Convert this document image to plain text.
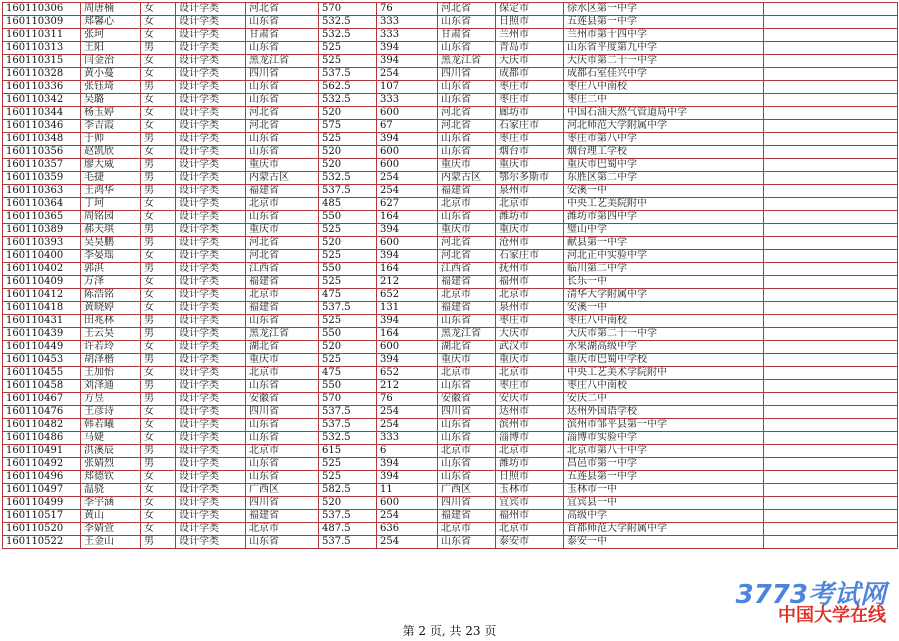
160110306	周唐楠	女	设计学类	河北省	570	76	河北省	保定市	徐水区第一中学	
160110309	郑馨心	女	设计学类	山东省	532.5	333	山东省	日照市	五莲县第一中学	
160110311	张珂	女	设计学类	甘肃省	532.5	333	甘肃省	兰州市	兰州市第十四中学	
160110313	王阳	男	设计学类	山东省	525	394	山东省	青岛市	山东省平度第九中学	
160110315	闫金治	女	设计学类	黑龙江省	525	394	黑龙江省	大庆市	大庆市第二十一中学	
160110328	黄小蔓	女	设计学类	四川省	537.5	254	四川省	成都市	成都石室佳兴中学	
160110336	张钰琦	男	设计学类	山东省	562.5	107	山东省	枣庄市	枣庄八中南校	
160110342	吴璐	女	设计学类	山东省	532.5	333	山东省	枣庄市	枣庄二中	
160110344	杨玉婷	女	设计学类	河北省	520	600	河北省	廊坊市	中国石油天然气管道局中学	
160110346	李吉霞	女	设计学类	河北省	575	67	河北省	石家庄市	河北师范大学附属中学	
160110348	于帅	男	设计学类	山东省	525	394	山东省	枣庄市	枣庄市第八中学	
160110356	赵凯欣	女	设计学类	山东省	520	600	山东省	烟台市	烟台理工学校	
160110357	廖大威	男	设计学类	重庆市	520	600	重庆市	重庆市	重庆市巴蜀中学	
160110359	毛捷	男	设计学类	内蒙古区	532.5	254	内蒙古区	鄂尔多斯市	东胜区第二中学	
160110363	王鸿华	男	设计学类	福建省	537.5	254	福建省	泉州市	安溪一中	
160110364	丁珂	女	设计学类	北京市	485	627	北京市	北京市	中央工艺美院附中	
160110365	周铭园	女	设计学类	山东省	550	164	山东省	潍坊市	潍坊市第四中学	
160110389	郝天琪	男	设计学类	重庆市	525	394	重庆市	重庆市	璧山中学	
160110393	吴昊鹏	男	设计学类	河北省	520	600	河北省	沧州市	献县第一中学	
160110400	李晏瑶	女	设计学类	河北省	525	394	河北省	石家庄市	河北正中实验中学	
160110402	郭淇	男	设计学类	江西省	550	164	江西省	抚州市	临川第二中学	
160110409	万泽	女	设计学类	福建省	525	212	福建省	福州市	长乐一中	
160110412	陈浩铭	女	设计学类	北京市	475	652	北京市	北京市	清华大学附属中学	
160110418	黄晓婷	女	设计学类	福建省	537.5	131	福建省	泉州市	安溪一中	
160110431	田兆林	男	设计学类	山东省	525	394	山东省	枣庄市	枣庄八中南校	
160110439	王云昊	男	设计学类	黑龙江省	550	164	黑龙江省	大庆市	大庆市第二十一中学	
160110449	许若玲	女	设计学类	湖北省	520	600	湖北省	武汉市	水果湖高级中学	
160110453	胡泽楷	男	设计学类	重庆市	525	394	重庆市	重庆市	重庆市巴蜀中学校	
160110455	王加怡	女	设计学类	北京市	475	652	北京市	北京市	中央工艺美术学院附中	
160110458	刘泽通	男	设计学类	山东省	550	212	山东省	枣庄市	枣庄八中南校	
160110467	方昱	男	设计学类	安徽省	570	76	安徽省	安庆市	安庆二中	
160110476	王彦诗	女	设计学类	四川省	537.5	254	四川省	达州市	达州外国语学校	
160110482	韩若曦	女	设计学类	山东省	537.5	254	山东省	滨州市	滨州市邹平县第一中学	
160110486	马婕	女	设计学类	山东省	532.5	333	山东省	淄博市	淄博市实验中学	
160110491	洪溪辰	男	设计学类	北京市	615	6	北京市	北京市	北京市第八十中学	
160110492	张婧烈	男	设计学类	山东省	525	394	山东省	潍坊市	昌邑市第一中学	
160110496	郑德钦	女	设计学类	山东省	525	394	山东省	日照市	五莲县第一中学	
160110497	温骁	女	设计学类	广西区	582.5	11	广西区	玉林市	玉林市一中	
160110499	李宇涵	女	设计学类	四川省	520	600	四川省	宜宾市	宜宾县一中	
160110517	黄山	女	设计学类	福建省	537.5	254	福建省	福州市	高级中学	
160110520	李婧萱	女	设计学类	北京市	487.5	636	北京市	北京市	首都师范大学附属中学	
160110522	王金山	男	设计学类	山东省	537.5	254	山东省	泰安市	泰安一中	
第 2 页, 共 23 页
3773考试网
中国大学在线
